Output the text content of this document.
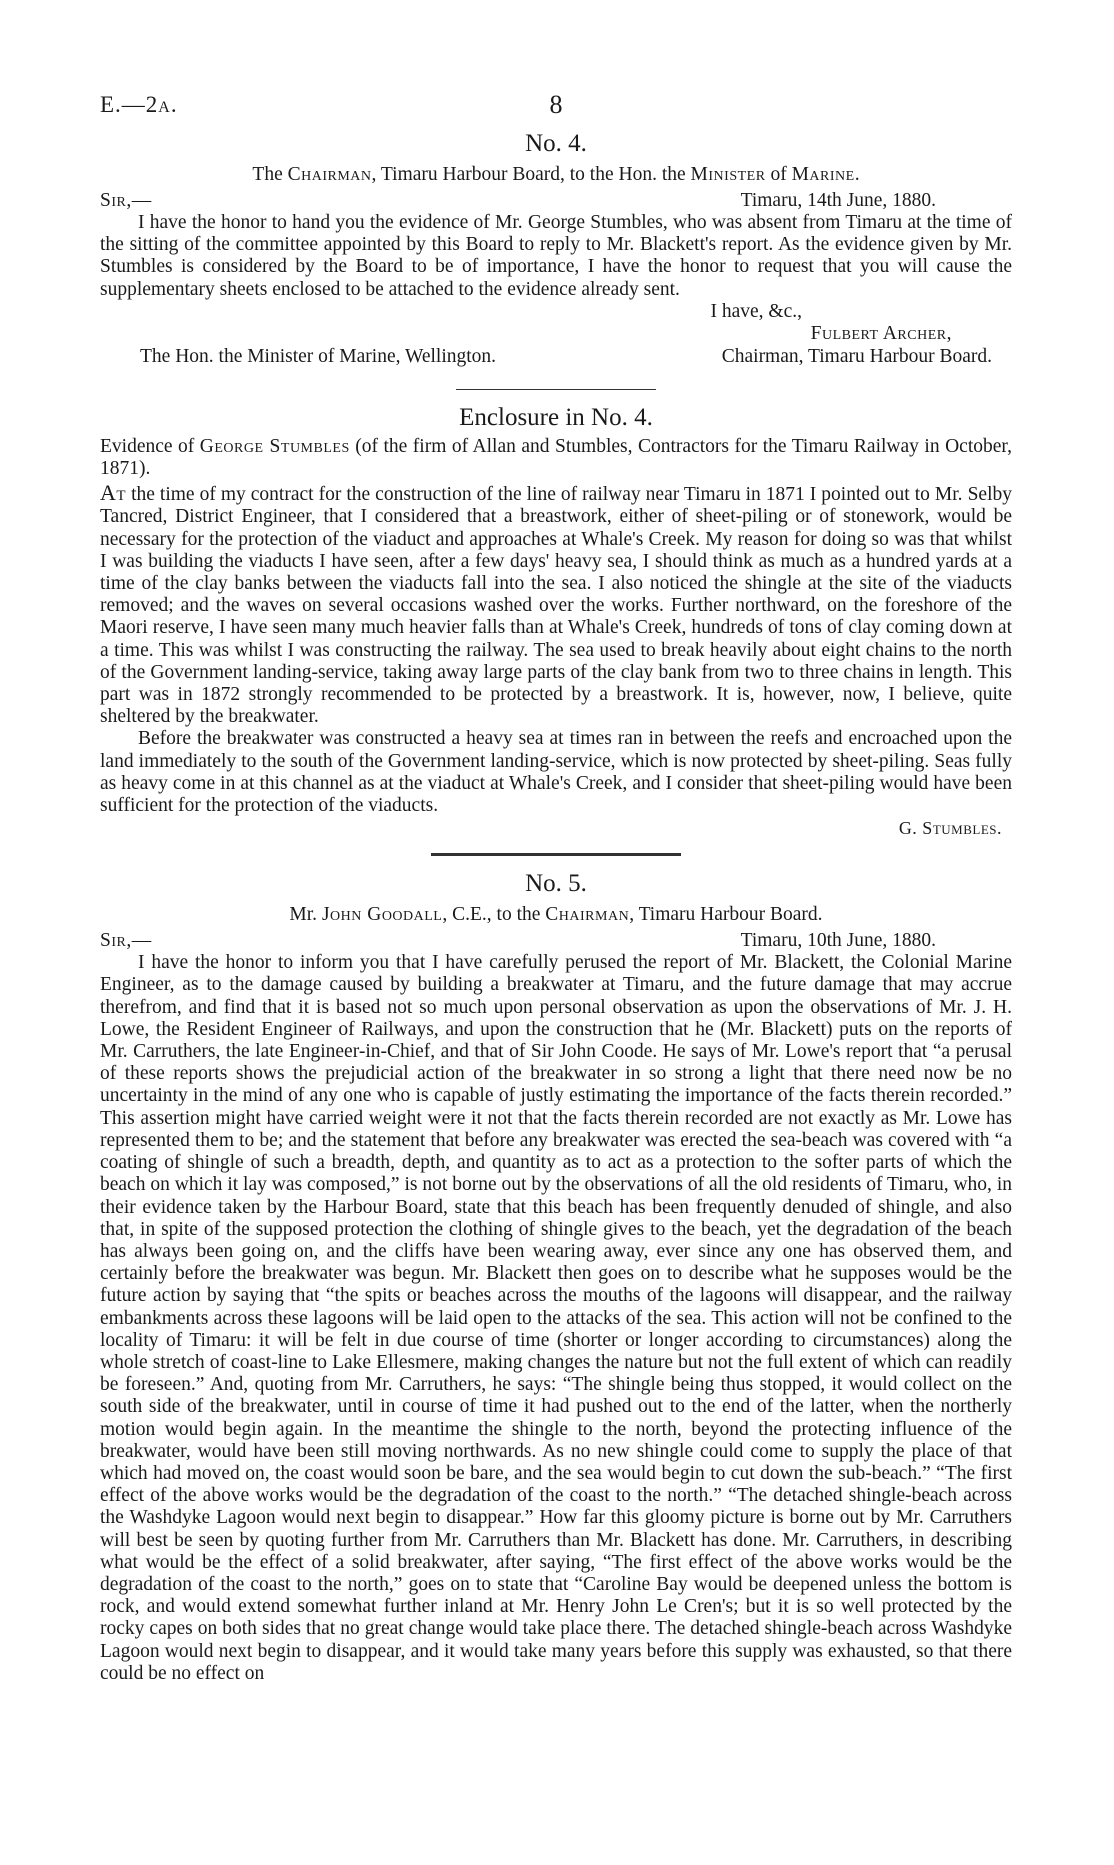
E.—2a.	8
No. 4.
The Chairman, Timaru Harbour Board, to the Hon. the Minister of Marine.
Sir,—	Timaru, 14th June, 1880.

I have the honor to hand you the evidence of Mr. George Stumbles, who was absent from Timaru at the time of the sitting of the committee appointed by this Board to reply to Mr. Blackett's report. As the evidence given by Mr. Stumbles is considered by the Board to be of importance, I have the honor to request that you will cause the supplementary sheets enclosed to be attached to the evidence already sent.

I have, &c.,
Fulbert Archer,
The Hon. the Minister of Marine, Wellington.	Chairman, Timaru Harbour Board.
Enclosure in No. 4.

Evidence of George Stumbles (of the firm of Allan and Stumbles, Contractors for the Timaru Railway in October, 1871).

At the time of my contract for the construction of the line of railway near Timaru in 1871 I pointed out to Mr. Selby Tancred, District Engineer, that I considered that a breastwork, either of sheet-piling or of stonework, would be necessary for the protection of the viaduct and approaches at Whale's Creek. My reason for doing so was that whilst I was building the viaducts I have seen, after a few days' heavy sea, I should think as much as a hundred yards at a time of the clay banks between the viaducts fall into the sea. I also noticed the shingle at the site of the viaducts removed; and the waves on several occasions washed over the works. Further northward, on the foreshore of the Maori reserve, I have seen many much heavier falls than at Whale's Creek, hundreds of tons of clay coming down at a time. This was whilst I was constructing the railway. The sea used to break heavily about eight chains to the north of the Government landing-service, taking away large parts of the clay bank from two to three chains in length. This part was in 1872 strongly recommended to be protected by a breastwork. It is, however, now, I believe, quite sheltered by the breakwater.

Before the breakwater was constructed a heavy sea at times ran in between the reefs and encroached upon the land immediately to the south of the Government landing-service, which is now protected by sheet-piling. Seas fully as heavy come in at this channel as at the viaduct at Whale's Creek, and I consider that sheet-piling would have been sufficient for the protection of the viaducts.

G. Stumbles.
No. 5.
Mr. John Goodall, C.E., to the Chairman, Timaru Harbour Board.
Sir,—	Timaru, 10th June, 1880.

I have the honor to inform you that I have carefully perused the report of Mr. Blackett, the Colonial Marine Engineer, as to the damage caused by building a breakwater at Timaru, and the future damage that may accrue therefrom, and find that it is based not so much upon personal observation as upon the observations of Mr. J. H. Lowe, the Resident Engineer of Railways, and upon the construction that he (Mr. Blackett) puts on the reports of Mr. Carruthers, the late Engineer-in-Chief, and that of Sir John Coode. He says of Mr. Lowe's report that “a perusal of these reports shows the prejudicial action of the breakwater in so strong a light that there need now be no uncertainty in the mind of any one who is capable of justly estimating the importance of the facts therein recorded.” This assertion might have carried weight were it not that the facts therein recorded are not exactly as Mr. Lowe has represented them to be; and the statement that before any breakwater was erected the sea-beach was covered with “a coating of shingle of such a breadth, depth, and quantity as to act as a protection to the softer parts of which the beach on which it lay was composed,” is not borne out by the observations of all the old residents of Timaru, who, in their evidence taken by the Harbour Board, state that this beach has been frequently denuded of shingle, and also that, in spite of the supposed protection the clothing of shingle gives to the beach, yet the degradation of the beach has always been going on, and the cliffs have been wearing away, ever since any one has observed them, and certainly before the breakwater was begun. Mr. Blackett then goes on to describe what he supposes would be the future action by saying that “the spits or beaches across the mouths of the lagoons will disappear, and the railway embankments across these lagoons will be laid open to the attacks of the sea. This action will not be confined to the locality of Timaru: it will be felt in due course of time (shorter or longer according to circumstances) along the whole stretch of coast-line to Lake Ellesmere, making changes the nature but not the full extent of which can readily be foreseen.” And, quoting from Mr. Carruthers, he says: “The shingle being thus stopped, it would collect on the south side of the breakwater, until in course of time it had pushed out to the end of the latter, when the northerly motion would begin again. In the meantime the shingle to the north, beyond the protecting influence of the breakwater, would have been still moving northwards. As no new shingle could come to supply the place of that which had moved on, the coast would soon be bare, and the sea would begin to cut down the sub-beach.” “The first effect of the above works would be the degradation of the coast to the north.” “The detached shingle-beach across the Washdyke Lagoon would next begin to disappear.” How far this gloomy picture is borne out by Mr. Carruthers will best be seen by quoting further from Mr. Carruthers than Mr. Blackett has done. Mr. Carruthers, in describing what would be the effect of a solid breakwater, after saying, “The first effect of the above works would be the degradation of the coast to the north,” goes on to state that “Caroline Bay would be deepened unless the bottom is rock, and would extend somewhat further inland at Mr. Henry John Le Cren's; but it is so well protected by the rocky capes on both sides that no great change would take place there. The detached shingle-beach across Washdyke Lagoon would next begin to disappear, and it would take many years before this supply was exhausted, so that there could be no effect on
